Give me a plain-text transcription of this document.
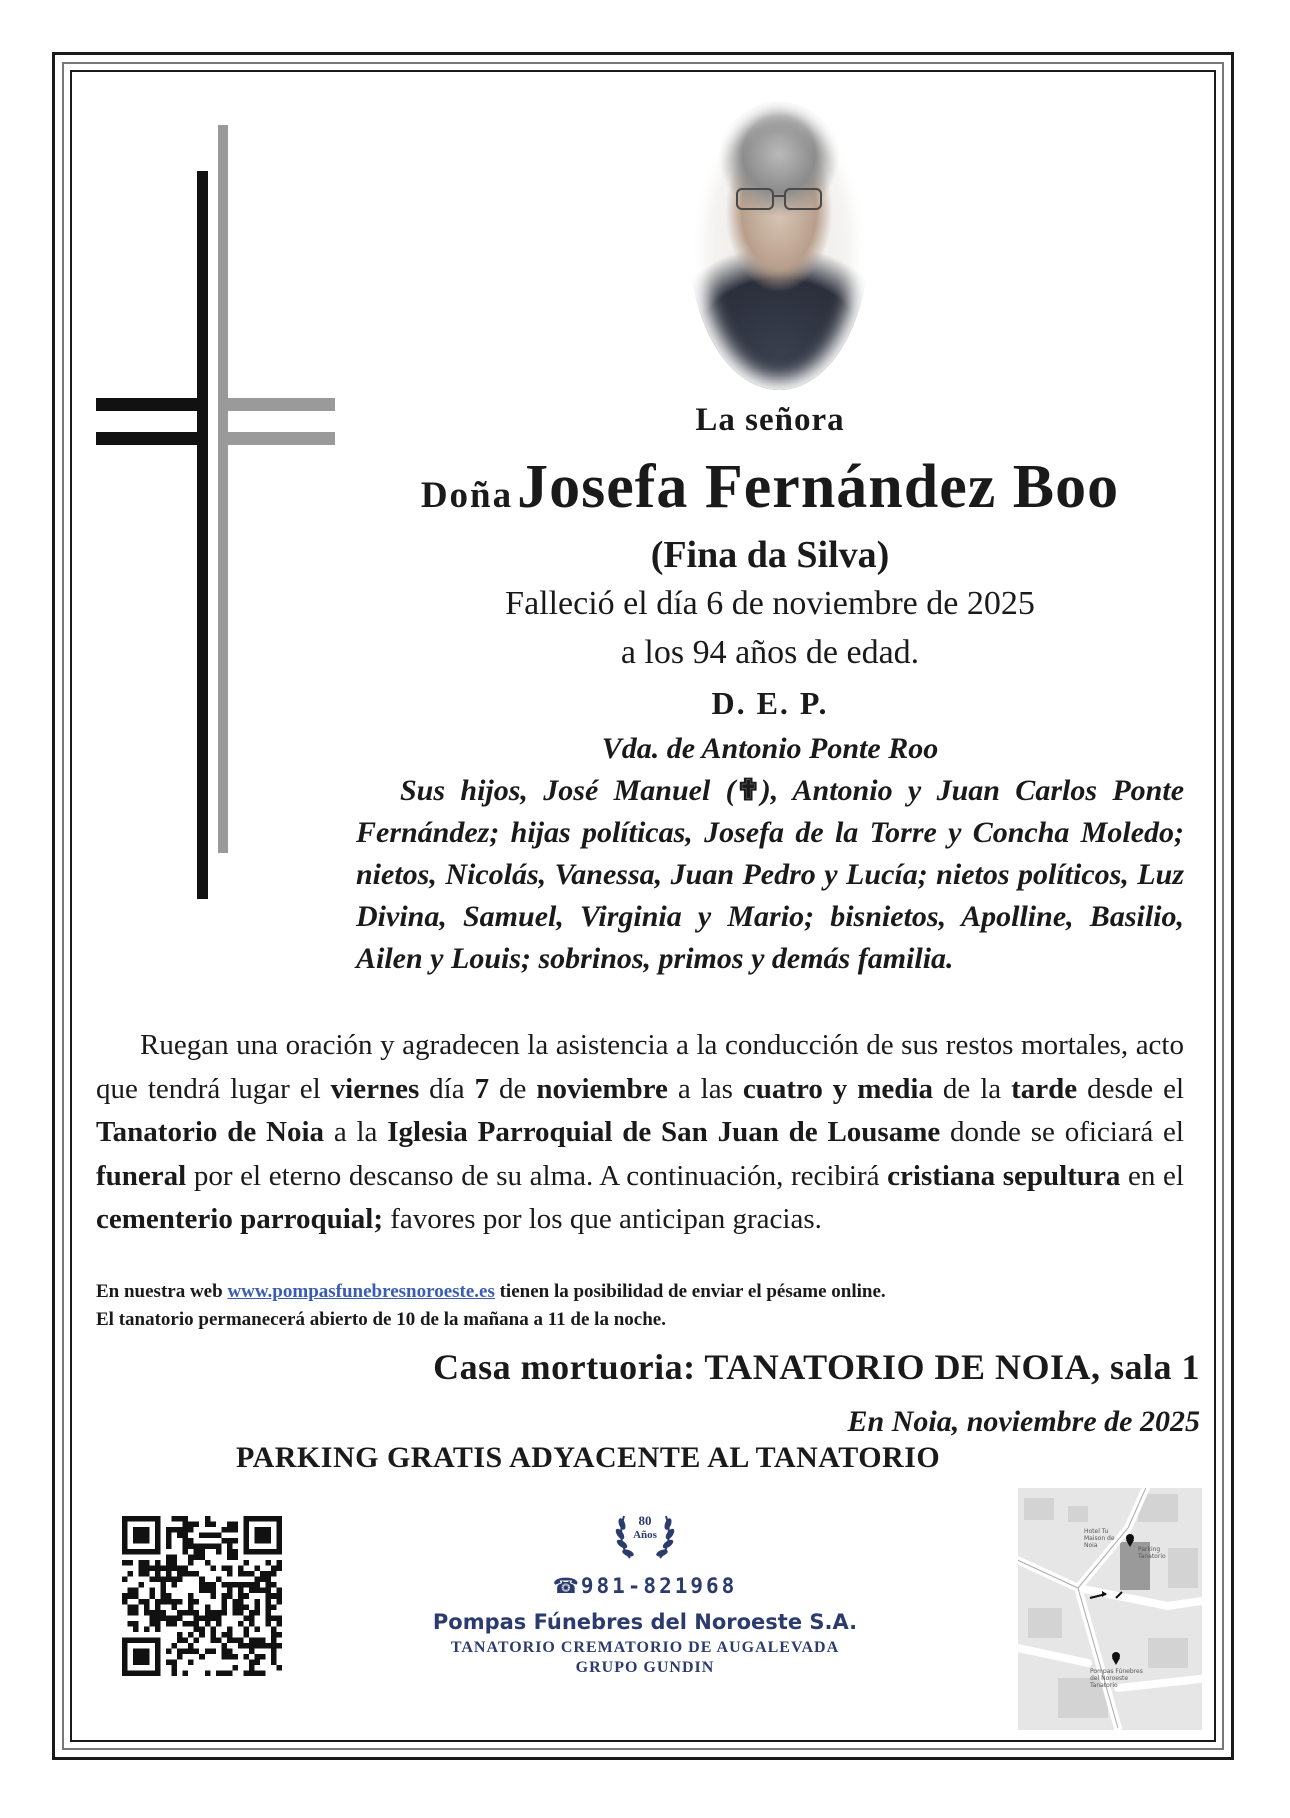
La señora
Doña Josefa Fernández Boo
(Fina da Silva)
Falleció el día 6 de noviembre de 2025
a los 94 años de edad.
D. E. P.
Vda. de Antonio Ponte Roo
Sus hijos, José Manuel (✟), Antonio y Juan Carlos Ponte Fernández; hijas políticas, Josefa de la Torre y Concha Moledo; nietos, Nicolás, Vanessa, Juan Pedro y Lucía; nietos políticos, Luz Divina, Samuel, Virginia y Mario; bisnietos, Apolline, Basilio, Ailen y Louis; sobrinos, primos y demás familia.
Ruegan una oración y agradecen la asistencia a la conducción de sus restos mortales, acto que tendrá lugar el viernes día 7 de noviembre a las cuatro y media de la tarde desde el Tanatorio de Noia a la Iglesia Parroquial de San Juan de Lousame donde se oficiará el funeral por el eterno descanso de su alma. A continuación, recibirá cristiana sepultura en el cementerio parroquial; favores por los que anticipan gracias.
En nuestra web www.pompasfunebresnoroeste.es tienen la posibilidad de enviar el pésame online.
El tanatorio permanecerá abierto de 10 de la mañana a 11 de la noche.
Casa mortuoria: TANATORIO DE NOIA, sala 1
En Noia, noviembre de 2025
PARKING GRATIS ADYACENTE AL TANATORIO
80
Años
☎981-821968
Pompas Fúnebres del Noroeste S.A.
TANATORIO CREMATORIO DE AUGALEVADA
GRUPO GUNDIN
Hotel Tu Maison de Noia
Parking Tanatorio
Pompas Fúnebres del Noroeste Tanatorio
